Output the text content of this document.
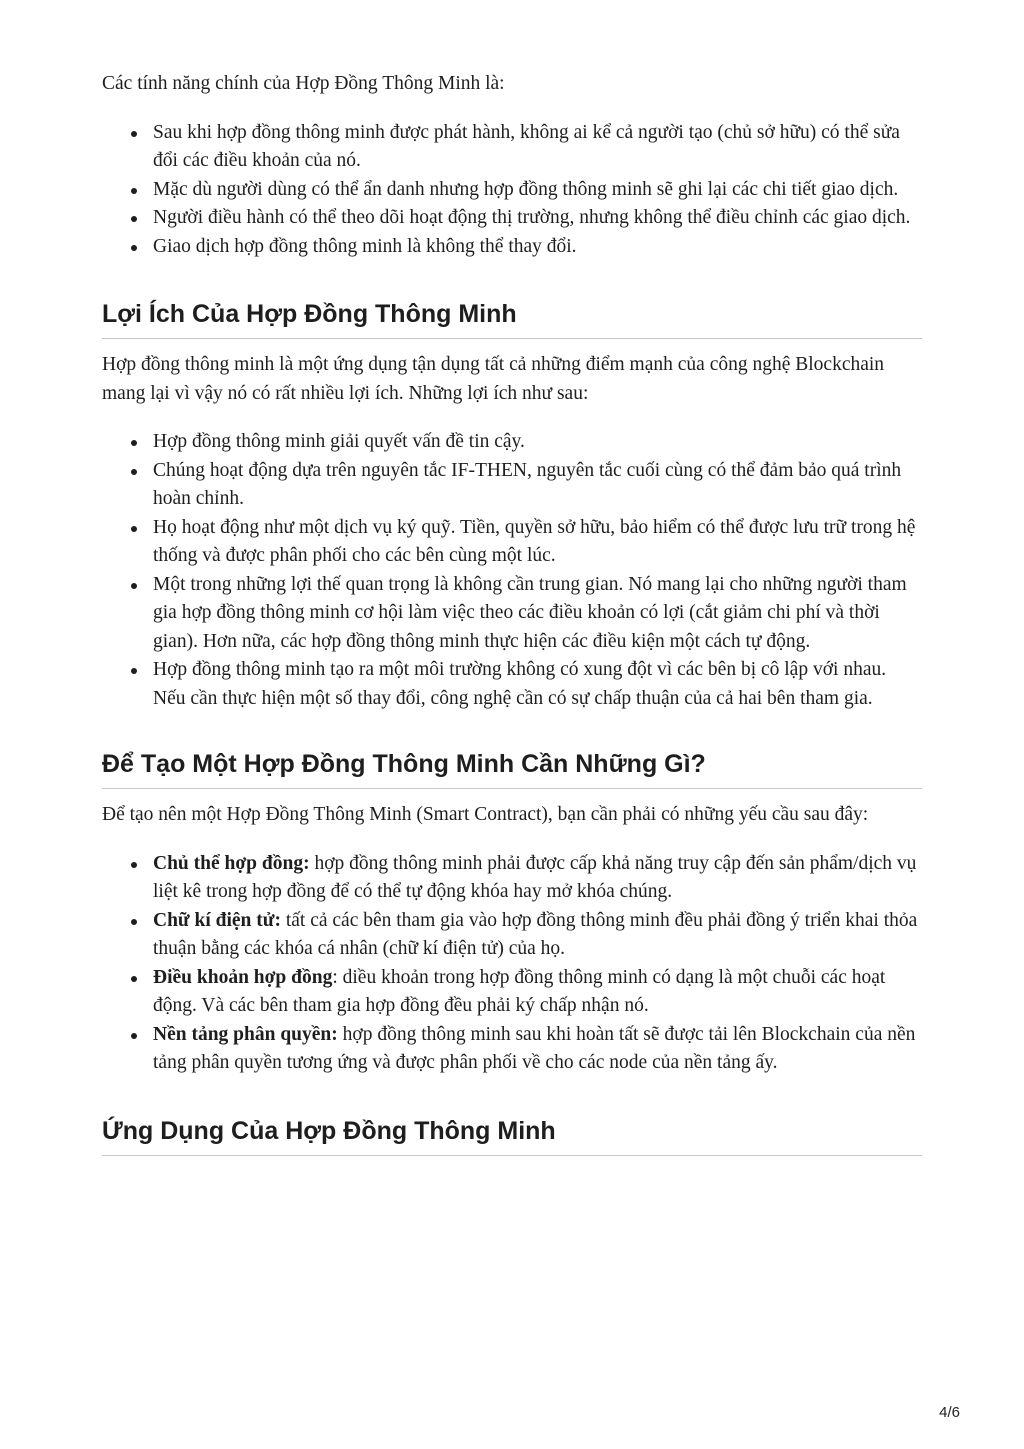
Các tính năng chính của Hợp Đồng Thông Minh là:

Sau khi hợp đồng thông minh được phát hành, không ai kể cả người tạo (chủ sở hữu) có thể sửa đổi các điều khoản của nó.
Mặc dù người dùng có thể ẩn danh nhưng hợp đồng thông minh sẽ ghi lại các chi tiết giao dịch.
Người điều hành có thể theo dõi hoạt động thị trường, nhưng không thể điều chỉnh các giao dịch.
Giao dịch hợp đồng thông minh là không thể thay đổi.
Lợi Ích Của Hợp Đồng Thông Minh

Hợp đồng thông minh là một ứng dụng tận dụng tất cả những điểm mạnh của công nghệ Blockchain mang lại vì vậy nó có rất nhiều lợi ích. Những lợi ích như sau:

Hợp đồng thông minh giải quyết vấn đề tin cậy.
Chúng hoạt động dựa trên nguyên tắc IF-THEN, nguyên tắc cuối cùng có thể đảm bảo quá trình hoàn chỉnh.
Họ hoạt động như một dịch vụ ký quỹ. Tiền, quyền sở hữu, bảo hiểm có thể được lưu trữ trong hệ thống và được phân phối cho các bên cùng một lúc.
Một trong những lợi thế quan trọng là không cần trung gian. Nó mang lại cho những người tham gia hợp đồng thông minh cơ hội làm việc theo các điều khoản có lợi (cắt giảm chi phí và thời gian). Hơn nữa, các hợp đồng thông minh thực hiện các điều kiện một cách tự động.
Hợp đồng thông minh tạo ra một môi trường không có xung đột vì các bên bị cô lập với nhau. Nếu cần thực hiện một số thay đổi, công nghệ cần có sự chấp thuận của cả hai bên tham gia.
Để Tạo Một Hợp Đồng Thông Minh Cần Những Gì?

Để tạo nên một Hợp Đồng Thông Minh (Smart Contract), bạn cần phải có những yếu cầu sau đây:

Chủ thể hợp đồng: hợp đồng thông minh phải được cấp khả năng truy cập đến sản phẩm/dịch vụ liệt kê trong hợp đồng để có thể tự động khóa hay mở khóa chúng.
Chữ kí điện tử: tất cả các bên tham gia vào hợp đồng thông minh đều phải đồng ý triển khai thỏa thuận bằng các khóa cá nhân (chữ kí điện tử) của họ.
Điều khoản hợp đồng: diều khoản trong hợp đồng thông minh có dạng là một chuỗi các hoạt động. Và các bên tham gia hợp đồng đều phải ký chấp nhận nó.
Nền tảng phân quyền: hợp đồng thông minh sau khi hoàn tất sẽ được tải lên Blockchain của nền tảng phân quyền tương ứng và được phân phối về cho các node của nền tảng ấy.
Ứng Dụng Của Hợp Đồng Thông Minh
4/6
